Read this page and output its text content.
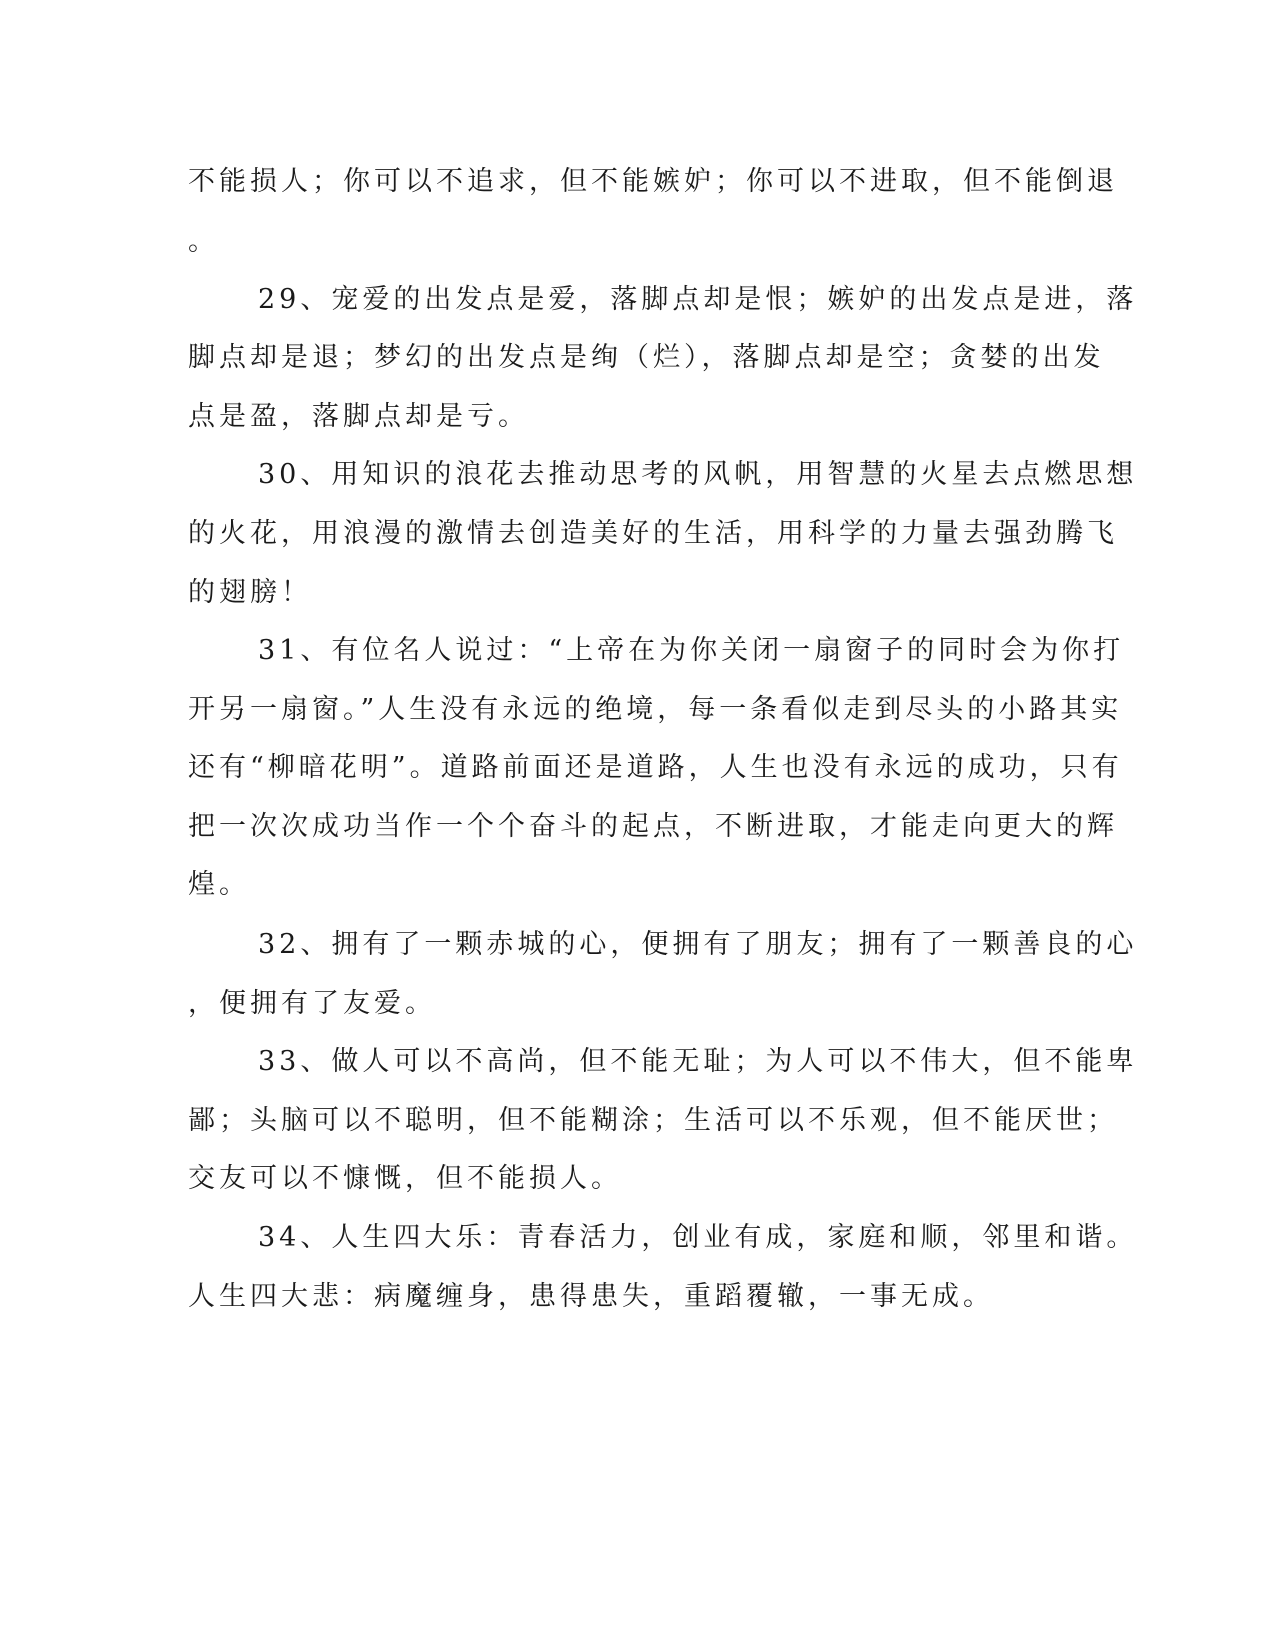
不能损人；你可以不追求，但不能嫉妒；你可以不进取，但不能倒退
。
29、宠爱的出发点是爱，落脚点却是恨；嫉妒的出发点是进，落
脚点却是退；梦幻的出发点是绚（烂），落脚点却是空；贪婪的出发
点是盈，落脚点却是亏。
30、用知识的浪花去推动思考的风帆，用智慧的火星去点燃思想
的火花，用浪漫的激情去创造美好的生活，用科学的力量去强劲腾飞
的翅膀！
31、有位名人说过：“上帝在为你关闭一扇窗子的同时会为你打
开另一扇窗。”人生没有永远的绝境，每一条看似走到尽头的小路其实
还有“柳暗花明”。道路前面还是道路，人生也没有永远的成功，只有
把一次次成功当作一个个奋斗的起点，不断进取，才能走向更大的辉
煌。
32、拥有了一颗赤城的心，便拥有了朋友；拥有了一颗善良的心
，便拥有了友爱。
33、做人可以不高尚，但不能无耻；为人可以不伟大，但不能卑
鄙；头脑可以不聪明，但不能糊涂；生活可以不乐观，但不能厌世；
交友可以不慷慨，但不能损人。
34、人生四大乐：青春活力，创业有成，家庭和顺，邻里和谐。
人生四大悲：病魔缠身，患得患失，重蹈覆辙，一事无成。
